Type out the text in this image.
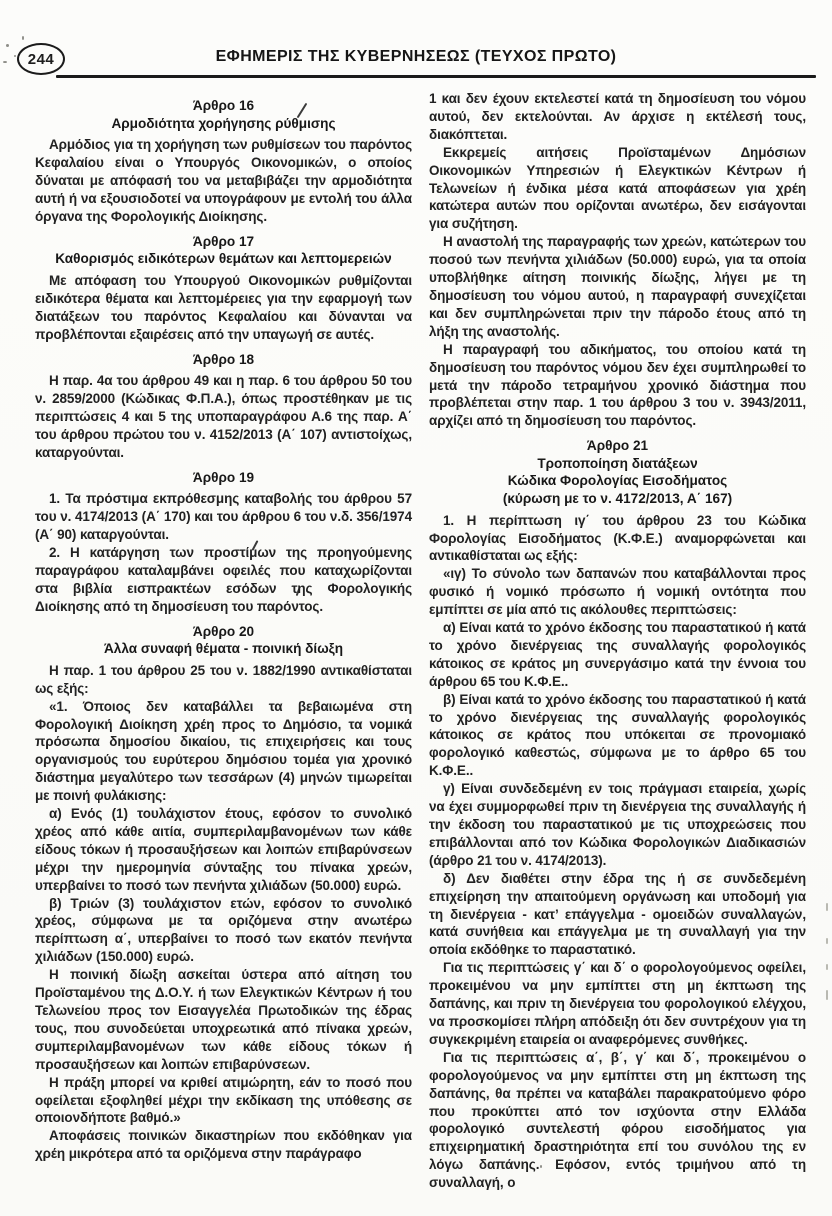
244	ΕΦΗΜΕΡΙΣ ΤΗΣ ΚΥΒΕΡΝΗΣΕΩΣ (ΤΕΥΧΟΣ ΠΡΩΤΟ)
Άρθρο 16
Αρμοδιότητα χορήγησης ρύθμισης

Αρμόδιος για τη χορήγηση των ρυθμίσεων του παρόντος Κεφαλαίου είναι ο Υπουργός Οικονομικών, ο οποίος δύναται με απόφασή του να μεταβιβάζει την αρμοδιότητα αυτή ή να εξουσιοδοτεί να υπογράφουν με εντολή του άλλα όργανα της Φορολογικής Διοίκησης.

Άρθρο 17
Καθορισμός ειδικότερων θεμάτων και λεπτομερειών

Με απόφαση του Υπουργού Οικονομικών ρυθμίζονται ειδικότερα θέματα και λεπτομέρειες για την εφαρμογή των διατάξεων του παρόντος Κεφαλαίου και δύνανται να προβλέπονται εξαιρέσεις από την υπαγωγή σε αυτές.

Άρθρο 18

Η παρ. 4α του άρθρου 49 και η παρ. 6 του άρθρου 50 του ν. 2859/2000 (Κώδικας Φ.Π.Α.), όπως προστέθηκαν με τις περιπτώσεις 4 και 5 της υποπαραγράφου Α.6 της παρ. Α΄ του άρθρου πρώτου του ν. 4152/2013 (Α΄ 107) αντιστοίχως, καταργούνται.

Άρθρο 19

1. Τα πρόστιμα εκπρόθεσμης καταβολής του άρθρου 57 του ν. 4174/2013 (Α΄ 170) και του άρθρου 6 του ν.δ. 356/1974 (Α΄ 90) καταργούνται.

2. Η κατάργηση των προστίμων της προηγούμενης παραγράφου καταλαμβάνει οφειλές που καταχωρίζονται στα βιβλία εισπρακτέων εσόδων της Φορολογικής Διοίκησης από τη δημοσίευση του παρόντος.

Άρθρο 20
Άλλα συναφή θέματα - ποινική δίωξη

Η παρ. 1 του άρθρου 25 του ν. 1882/1990 αντικαθίσταται ως εξής:

«1. Όποιος δεν καταβάλλει τα βεβαιωμένα στη Φορολογική Διοίκηση χρέη προς το Δημόσιο, τα νομικά πρόσωπα δημοσίου δικαίου, τις επιχειρήσεις και τους οργανισμούς του ευρύτερου δημόσιου τομέα για χρονικό διάστημα μεγαλύτερο των τεσσάρων (4) μηνών τιμωρείται με ποινή φυλάκισης:

α) Ενός (1) τουλάχιστον έτους, εφόσον το συνολικό χρέος από κάθε αιτία, συμπεριλαμβανομένων των κάθε είδους τόκων ή προσαυξήσεων και λοιπών επιβαρύνσεων μέχρι την ημερομηνία σύνταξης του πίνακα χρεών, υπερβαίνει το ποσό των πενήντα χιλιάδων (50.000) ευρώ.

β) Τριών (3) τουλάχιστον ετών, εφόσον το συνολικό χρέος, σύμφωνα με τα οριζόμενα στην ανωτέρω περίπτωση α΄, υπερβαίνει το ποσό των εκατόν πενήντα χιλιάδων (150.000) ευρώ.

Η ποινική δίωξη ασκείται ύστερα από αίτηση του Προϊσταμένου της Δ.Ο.Υ. ή των Ελεγκτικών Κέντρων ή του Τελωνείου προς τον Εισαγγελέα Πρωτοδικών της έδρας τους, που συνοδεύεται υποχρεωτικά από πίνακα χρεών, συμπεριλαμβανομένων των κάθε είδους τόκων ή προσαυξήσεων και λοιπών επιβαρύνσεων.

Η πράξη μπορεί να κριθεί ατιμώρητη, εάν το ποσό που οφείλεται εξοφληθεί μέχρι την εκδίκαση της υπόθεσης σε οποιονδήποτε βαθμό.»

Αποφάσεις ποινικών δικαστηρίων που εκδόθηκαν για χρέη μικρότερα από τα οριζόμενα στην παράγραφο

1 και δεν έχουν εκτελεστεί κατά τη δημοσίευση του νόμου αυτού, δεν εκτελούνται. Αν άρχισε η εκτέλεσή τους, διακόπτεται.

Εκκρεμείς αιτήσεις Προϊσταμένων Δημόσιων Οικονομικών Υπηρεσιών ή Ελεγκτικών Κέντρων ή Τελωνείων ή ένδικα μέσα κατά αποφάσεων για χρέη κατώτερα αυτών που ορίζονται ανωτέρω, δεν εισάγονται για συζήτηση.

Η αναστολή της παραγραφής των χρεών, κατώτερων του ποσού των πενήντα χιλιάδων (50.000) ευρώ, για τα οποία υποβλήθηκε αίτηση ποινικής δίωξης, λήγει με τη δημοσίευση του νόμου αυτού, η παραγραφή συνεχίζεται και δεν συμπληρώνεται πριν την πάροδο έτους από τη λήξη της αναστολής.

Η παραγραφή του αδικήματος, του οποίου κατά τη δημοσίευση του παρόντος νόμου δεν έχει συμπληρωθεί το μετά την πάροδο τετραμήνου χρονικό διάστημα που προβλέπεται στην παρ. 1 του άρθρου 3 του ν. 3943/2011, αρχίζει από τη δημοσίευση του παρόντος.

Άρθρο 21
Τροποποίηση διατάξεων
Κώδικα Φορολογίας Εισοδήματος
(κύρωση με το ν. 4172/2013, Α΄ 167)

1. Η περίπτωση ιγ΄ του άρθρου 23 του Κώδικα Φορολογίας Εισοδήματος (Κ.Φ.Ε.) αναμορφώνεται και αντικαθίσταται ως εξής:

«ιγ) Το σύνολο των δαπανών που καταβάλλονται προς φυσικό ή νομικό πρόσωπο ή νομική οντότητα που εμπίπτει σε μία από τις ακόλουθες περιπτώσεις:

α) Είναι κατά το χρόνο έκδοσης του παραστατικού ή κατά το χρόνο διενέργειας της συναλλαγής φορολογικός κάτοικος σε κράτος μη συνεργάσιμο κατά την έννοια του άρθρου 65 του Κ.Φ.Ε..

β) Είναι κατά το χρόνο έκδοσης του παραστατικού ή κατά το χρόνο διενέργειας της συναλλαγής φορολογικός κάτοικος σε κράτος που υπόκειται σε προνομιακό φορολογικό καθεστώς, σύμφωνα με το άρθρο 65 του Κ.Φ.Ε..

γ) Είναι συνδεδεμένη εν τοις πράγμασι εταιρεία, χωρίς να έχει συμμορφωθεί πριν τη διενέργεια της συναλλαγής ή την έκδοση του παραστατικού με τις υποχρεώσεις που επιβάλλονται από τον Κώδικα Φορολογικών Διαδικασιών (άρθρο 21 του ν. 4174/2013).

δ) Δεν διαθέτει στην έδρα της ή σε συνδεδεμένη επιχείρηση την απαιτούμενη οργάνωση και υποδομή για τη διενέργεια - κατ’ επάγγελμα - ομοειδών συναλλαγών, κατά συνήθεια και επάγγελμα με τη συναλλαγή για την οποία εκδόθηκε το παραστατικό.

Για τις περιπτώσεις γ΄ και δ΄ ο φορολογούμενος οφείλει, προκειμένου να μην εμπίπτει στη μη έκπτωση της δαπάνης, και πριν τη διενέργεια του φορολογικού ελέγχου, να προσκομίσει πλήρη απόδειξη ότι δεν συντρέχουν για τη συγκεκριμένη εταιρεία οι αναφερόμενες συνθήκες.

Για τις περιπτώσεις α΄, β΄, γ΄ και δ΄, προκειμένου ο φορολογούμενος να μην εμπίπτει στη μη έκπτωση της δαπάνης, θα πρέπει να καταβάλει παρακρατούμενο φόρο που προκύπτει από τον ισχύοντα στην Ελλάδα φορολογικό συντελεστή φόρου εισοδήματος για επιχειρηματική δραστηριότητα επί του συνόλου της εν λόγω δαπάνης. Εφόσον, εντός τριμήνου από τη συναλλαγή, ο
